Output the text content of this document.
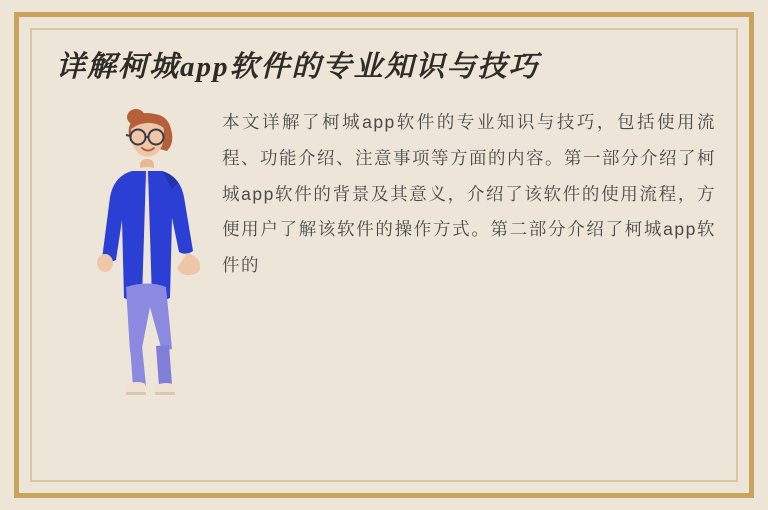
详解柯城app软件的专业知识与技巧
本文详解了柯城app软件的专业知识与技巧，包括使用流程、功能介绍、注意事项等方面的内容。第一部分介绍了柯城app软件的背景及其意义，介绍了该软件的使用流程，方便用户了解该软件的操作方式。第二部分介绍了柯城app软件的
